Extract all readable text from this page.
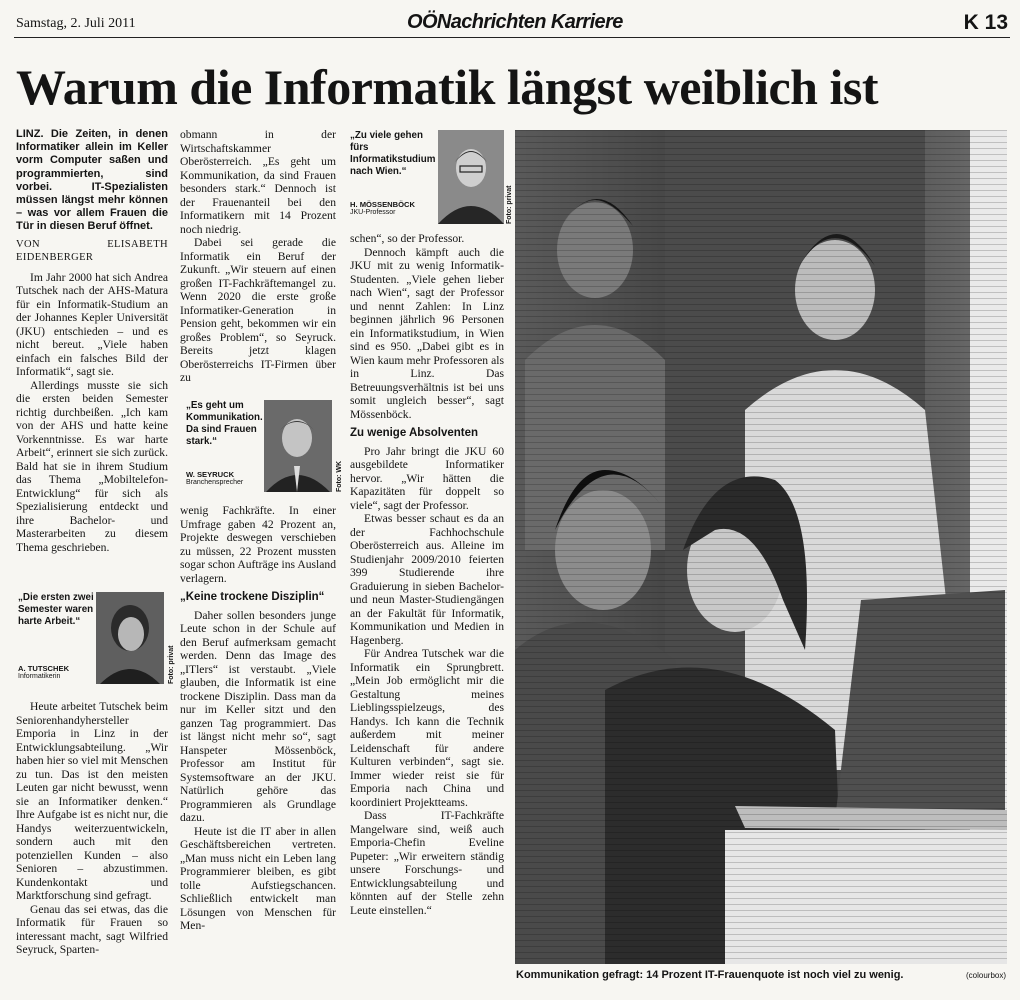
Samstag, 2. Juli 2011	OÖNachrichten Karriere	K 13
Warum die Informatik längst weiblich ist

LINZ. Die Zeiten, in denen Informatiker allein im Keller vorm Computer saßen und programmierten, sind vorbei. IT-Spezialisten müssen längst mehr können – was vor allem Frauen die Tür in diesen Beruf öffnet.

VON ELISABETH EIDENBERGER

Im Jahr 2000 hat sich Andrea Tutschek nach der AHS-Matura für ein Informatik-Studium an der Johannes Kepler Universität (JKU) entschieden – und es nicht bereut. „Viele haben einfach ein falsches Bild der Informatik“, sagt sie.

Allerdings musste sie sich die ersten beiden Semester richtig durchbeißen. „Ich kam von der AHS und hatte keine Vorkenntnisse. Es war harte Arbeit“, erinnert sie sich zurück. Bald hat sie in ihrem Studium das Thema „Mobiltelefon-Entwicklung“ für sich als Spezialisierung entdeckt und ihre Bachelor- und Masterarbeiten zu diesem Thema geschrieben.

„Die ersten zwei Semester waren harte Arbeit.“
A. TUTSCHEK
Informatikerin	Foto: privat

Heute arbeitet Tutschek beim Seniorenhandyhersteller Emporia in Linz in der Entwicklungsabteilung. „Wir haben hier so viel mit Menschen zu tun. Das ist den meisten Leuten gar nicht bewusst, wenn sie an Informatiker denken.“ Ihre Aufgabe ist es nicht nur, die Handys weiterzuentwickeln, sondern auch mit den potenziellen Kunden – also Senioren – abzustimmen. Kundenkontakt und Marktforschung sind gefragt.

Genau das sei etwas, das die Informatik für Frauen so interessant macht, sagt Wilfried Seyruck, Sparten-

obmann in der Wirtschaftskammer Oberösterreich. „Es geht um Kommunikation, da sind Frauen besonders stark.“ Dennoch ist der Frauenanteil bei den Informatikern mit 14 Prozent noch niedrig.

Dabei sei gerade die Informatik ein Beruf der Zukunft. „Wir steuern auf einen großen IT-Fachkräftemangel zu. Wenn 2020 die erste große Informatiker-Generation in Pension geht, bekommen wir ein großes Problem“, so Seyruck. Bereits jetzt klagen Oberösterreichs IT-Firmen über zu

„Es geht um Kommunikation. Da sind Frauen stark.“
W. SEYRUCK
Branchensprecher	Foto: WK

wenig Fachkräfte. In einer Umfrage gaben 42 Prozent an, Projekte deswegen verschieben zu müssen, 22 Prozent mussten sogar schon Aufträge ins Ausland verlagern.

„Keine trockene Disziplin“

Daher sollen besonders junge Leute schon in der Schule auf den Beruf aufmerksam gemacht werden. Denn das Image des „ITlers“ ist verstaubt. „Viele glauben, die Informatik ist eine trockene Disziplin. Dass man da nur im Keller sitzt und den ganzen Tag programmiert. Das ist längst nicht mehr so“, sagt Hanspeter Mössenböck, Professor am Institut für Systemsoftware an der JKU. Natürlich gehöre das Programmieren als Grundlage dazu.

Heute ist die IT aber in allen Geschäftsbereichen vertreten. „Man muss nicht ein Leben lang Programmierer bleiben, es gibt tolle Aufstiegschancen. Schließlich entwickelt man Lösungen von Menschen für Men-

„Zu viele gehen fürs Informatikstudium nach Wien.“
H. MÖSSENBÖCK
JKU-Professor	Foto: privat

schen“, so der Professor.

Dennoch kämpft auch die JKU mit zu wenig Informatik-Studenten. „Viele gehen lieber nach Wien“, sagt der Professor und nennt Zahlen: In Linz beginnen jährlich 96 Personen ein Informatikstudium, in Wien sind es 950. „Dabei gibt es in Wien kaum mehr Professoren als in Linz. Das Betreuungsverhältnis ist bei uns somit ungleich besser“, sagt Mössenböck.

Zu wenige Absolventen

Pro Jahr bringt die JKU 60 ausgebildete Informatiker hervor. „Wir hätten die Kapazitäten für doppelt so viele“, sagt der Professor.

Etwas besser schaut es da an der Fachhochschule Oberösterreich aus. Alleine im Studienjahr 2009/2010 feierten 399 Studierende ihre Graduierung in sieben Bachelor- und neun Master-Studiengängen an der Fakultät für Informatik, Kommunikation und Medien in Hagenberg.

Für Andrea Tutschek war die Informatik ein Sprungbrett. „Mein Job ermöglicht mir die Gestaltung meines Lieblingsspielzeugs, des Handys. Ich kann die Technik außerdem mit meiner Leidenschaft für andere Kulturen verbinden“, sagt sie. Immer wieder reist sie für Emporia nach China und koordiniert Projektteams.

Dass IT-Fachkräfte Mangelware sind, weiß auch Emporia-Chefin Eveline Pupeter: „Wir erweitern ständig unsere Forschungs- und Entwicklungsabteilung und könnten auf der Stelle zehn Leute einstellen.“

Kommunikation gefragt: 14 Prozent IT-Frauenquote ist noch viel zu wenig.	(colourbox)
